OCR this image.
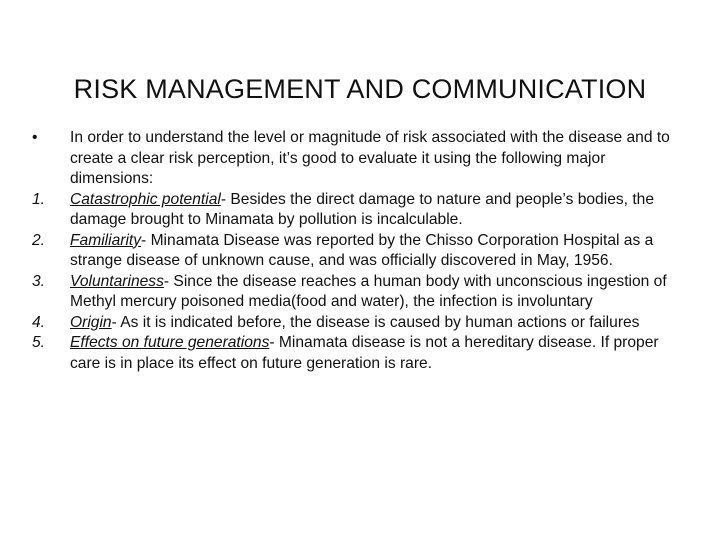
RISK MANAGEMENT AND COMMUNICATION
•	In order to understand the level or magnitude of risk associated with the disease and to create a clear risk perception, it’s good to evaluate it using the following major dimensions:
1.	Catastrophic potential- Besides the direct damage to nature and people’s bodies, the damage brought to Minamata by pollution is incalculable.
2.	Familiarity- Minamata Disease was reported by the Chisso Corporation Hospital as a strange disease of unknown cause, and was officially discovered in May, 1956.
3.	Voluntariness- Since the disease reaches a human body with unconscious ingestion of Methyl mercury poisoned media(food and water), the infection is involuntary
4.	Origin- As it is indicated before, the disease is caused by human actions or failures
5.	Effects on future generations- Minamata disease is not a hereditary disease. If proper care is in place its effect on future generation is rare.
